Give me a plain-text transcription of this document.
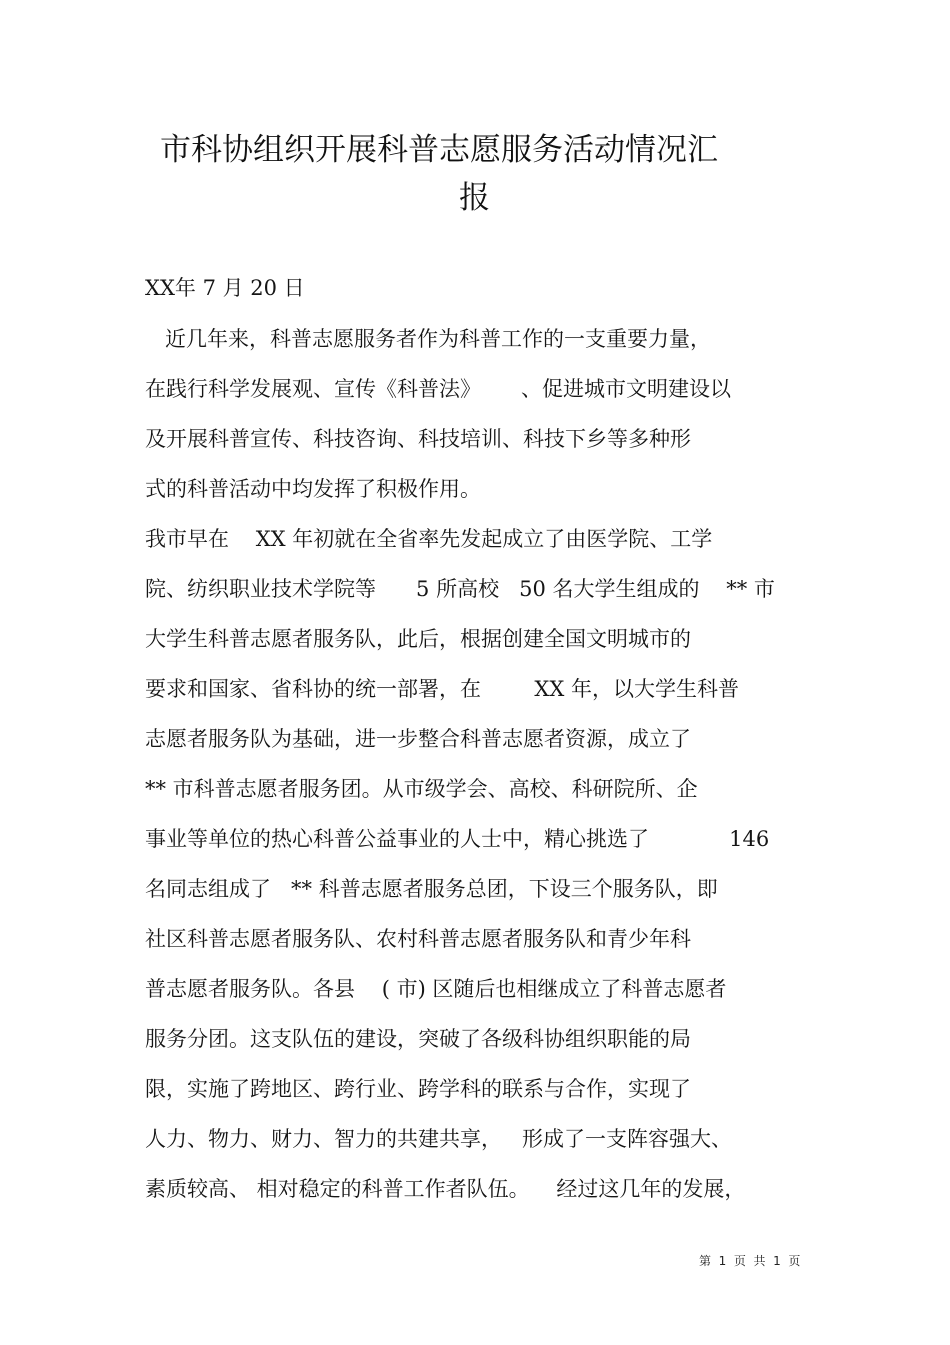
市科协组织开展科普志愿服务活动情况汇
报
XX年 7 月 20 日
近几年来，科普志愿服务者作为科普工作的一支重要力量，
在践行科学发展观、宣传《科普法》      、促进城市文明建设以
及开展科普宣传、科技咨询、科技培训、科技下乡等多种形
式的科普活动中均发挥了积极作用。
我市早在    XX 年初就在全省率先发起成立了由医学院、工学
院、纺织职业技术学院等      5 所高校   50 名大学生组成的    ** 市
大学生科普志愿者服务队，此后，根据创建全国文明城市的
要求和国家、省科协的统一部署，在        XX 年，以大学生科普
志愿者服务队为基础，进一步整合科普志愿者资源，成立了
** 市科普志愿者服务团。从市级学会、高校、科研院所、企
事业等单位的热心科普公益事业的人士中，精心挑选了            146
名同志组成了   ** 科普志愿者服务总团，下设三个服务队，即
社区科普志愿者服务队、农村科普志愿者服务队和青少年科
普志愿者服务队。各县    ( 市) 区随后也相继成立了科普志愿者
服务分团。这支队伍的建设，突破了各级科协组织职能的局
限，实施了跨地区、跨行业、跨学科的联系与合作，实现了
人力、物力、财力、智力的共建共享，   形成了一支阵容强大、
素质较高、 相对稳定的科普工作者队伍。    经过这几年的发展，
第  1  页  共  1  页
